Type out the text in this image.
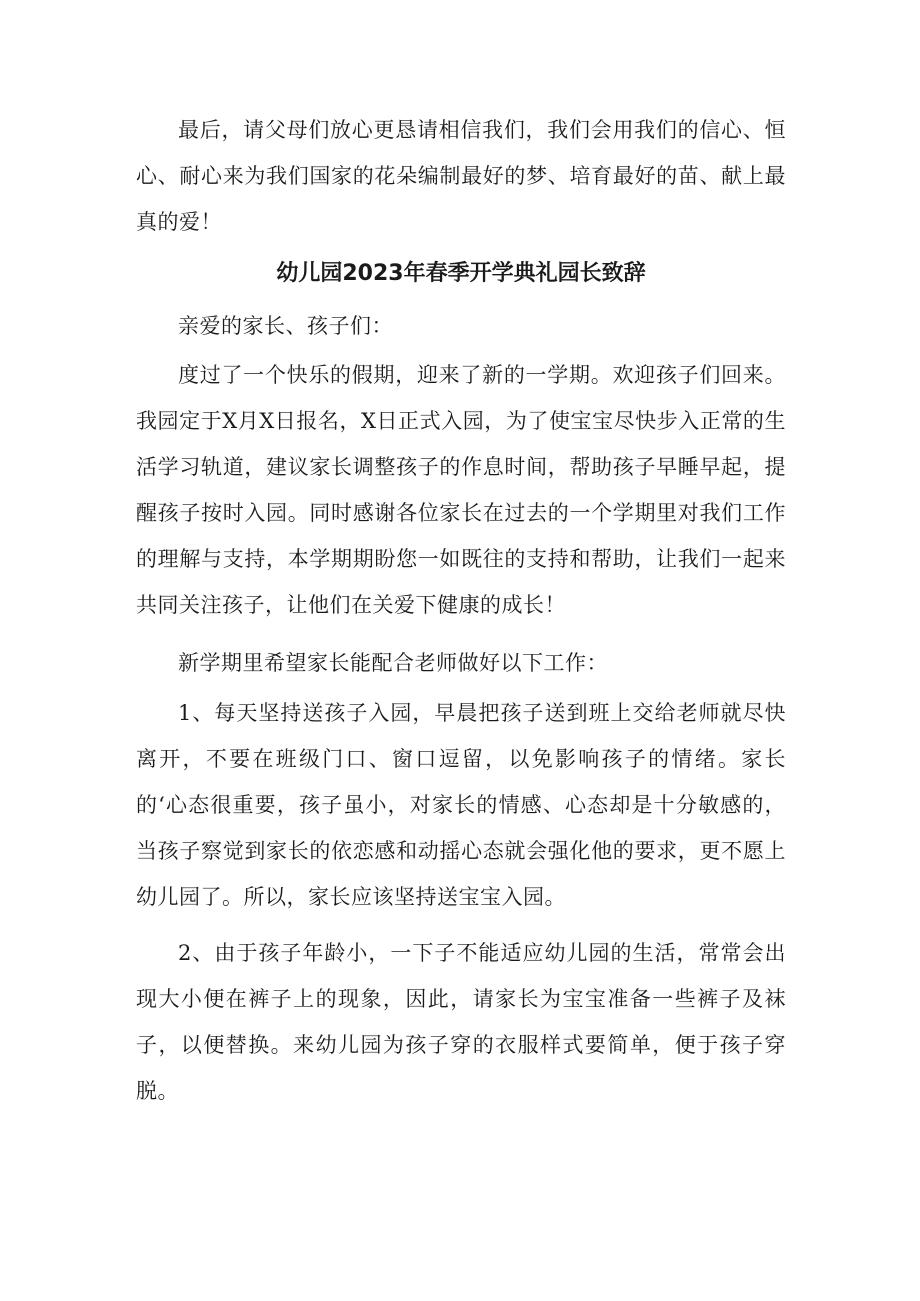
最后，请父母们放心更恳请相信我们，我们会用我们的信心、恒心、耐心来为我们国家的花朵编制最好的梦、培育最好的苗、献上最真的爱！

幼儿园2023年春季开学典礼园长致辞

亲爱的家长、孩子们：

度过了一个快乐的假期，迎来了新的一学期。欢迎孩子们回来。我园定于X月X日报名，X日正式入园，为了使宝宝尽快步入正常的生活学习轨道，建议家长调整孩子的作息时间，帮助孩子早睡早起，提醒孩子按时入园。同时感谢各位家长在过去的一个学期里对我们工作的理解与支持，本学期期盼您一如既往的支持和帮助，让我们一起来共同关注孩子，让他们在关爱下健康的成长！

新学期里希望家长能配合老师做好以下工作：

1、每天坚持送孩子入园，早晨把孩子送到班上交给老师就尽快离开，不要在班级门口、窗口逗留，以免影响孩子的情绪。家长的‘心态很重要，孩子虽小，对家长的情感、心态却是十分敏感的，当孩子察觉到家长的依恋感和动摇心态就会强化他的要求，更不愿上幼儿园了。所以，家长应该坚持送宝宝入园。

2、由于孩子年龄小，一下子不能适应幼儿园的生活，常常会出现大小便在裤子上的现象，因此，请家长为宝宝准备一些裤子及袜子，以便替换。来幼儿园为孩子穿的衣服样式要简单，便于孩子穿脱。
